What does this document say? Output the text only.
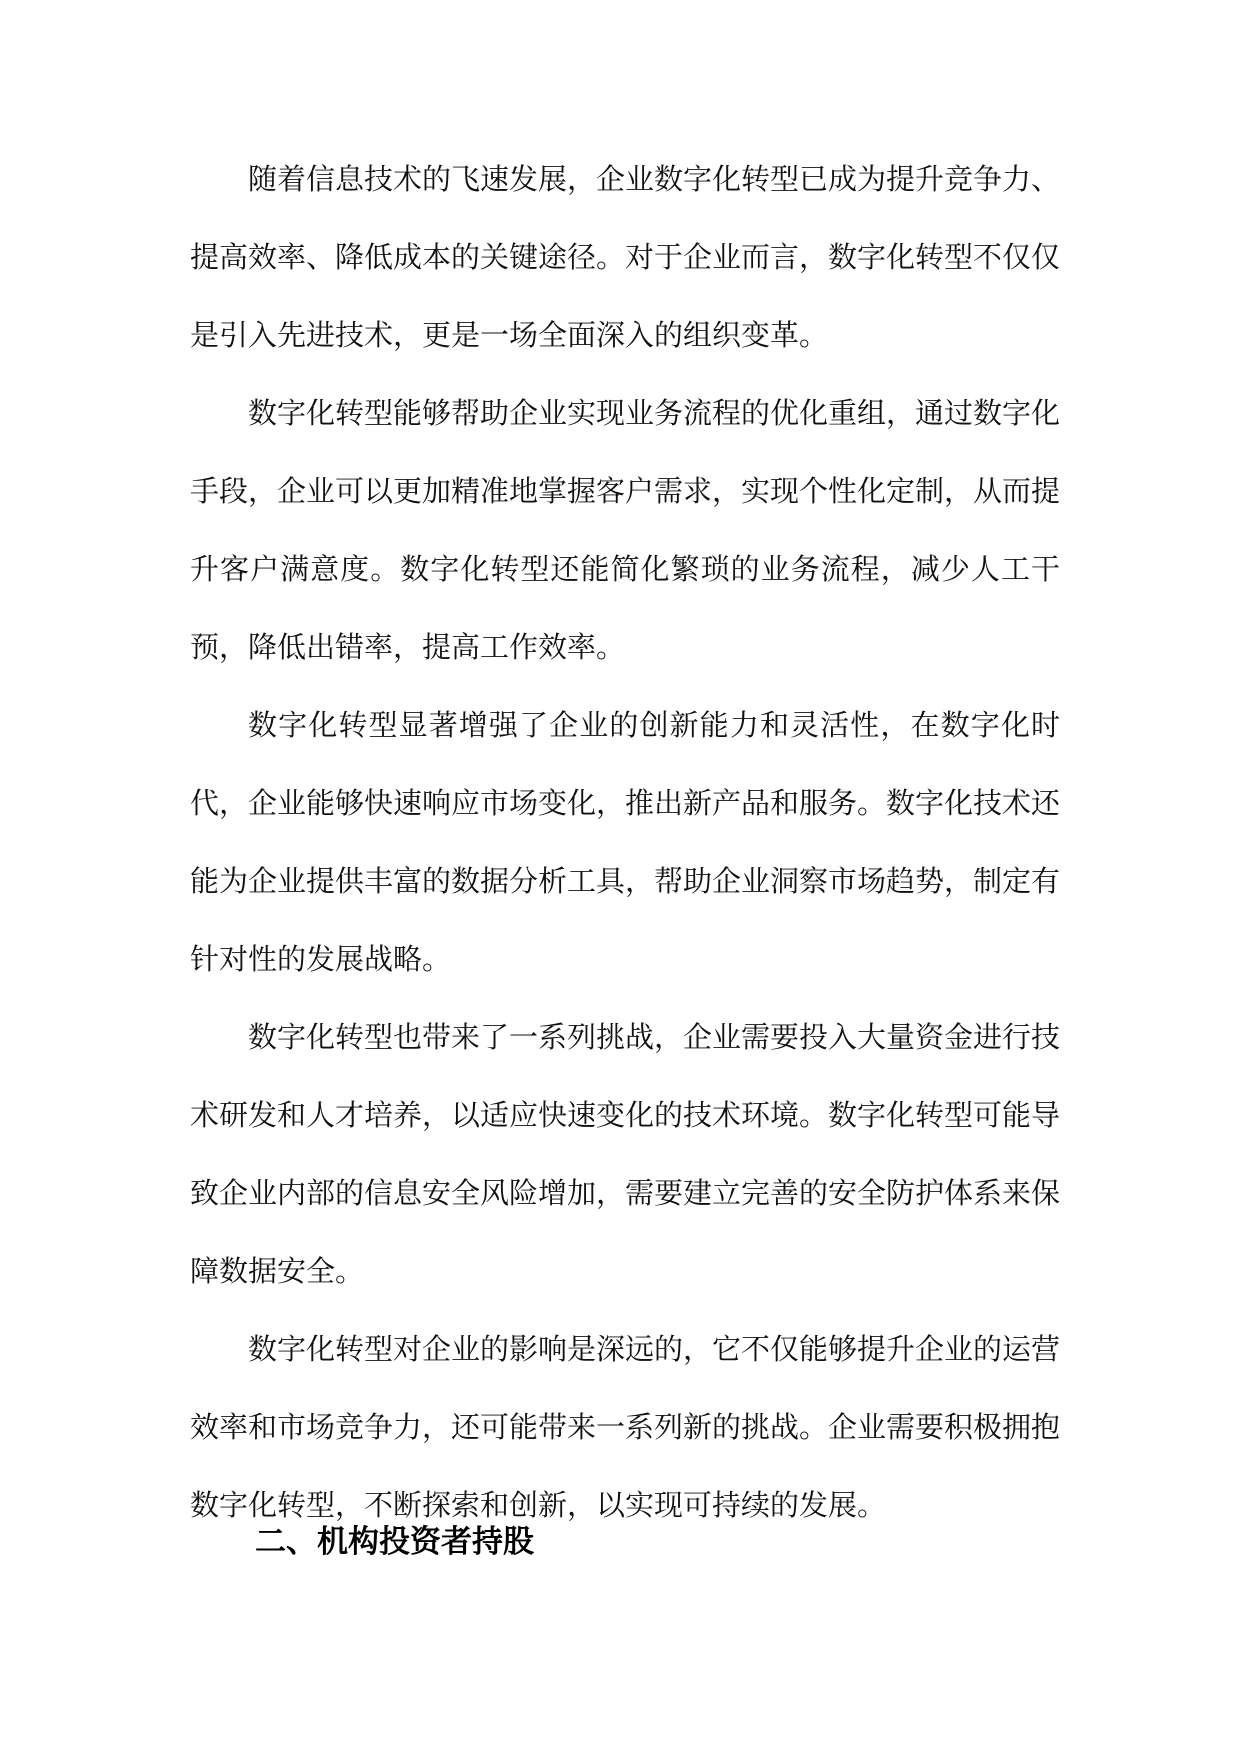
随着信息技术的飞速发展，企业数字化转型已成为提升竞争力、提高效率、降低成本的关键途径。对于企业而言，数字化转型不仅仅是引入先进技术，更是一场全面深入的组织变革。

数字化转型能够帮助企业实现业务流程的优化重组，通过数字化手段，企业可以更加精准地掌握客户需求，实现个性化定制，从而提升客户满意度。数字化转型还能简化繁琐的业务流程，减少人工干预，降低出错率，提高工作效率。

数字化转型显著增强了企业的创新能力和灵活性，在数字化时代，企业能够快速响应市场变化，推出新产品和服务。数字化技术还能为企业提供丰富的数据分析工具，帮助企业洞察市场趋势，制定有针对性的发展战略。

数字化转型也带来了一系列挑战，企业需要投入大量资金进行技术研发和人才培养，以适应快速变化的技术环境。数字化转型可能导致企业内部的信息安全风险增加，需要建立完善的安全防护体系来保障数据安全。

数字化转型对企业的影响是深远的，它不仅能够提升企业的运营效率和市场竞争力，还可能带来一系列新的挑战。企业需要积极拥抱数字化转型，不断探索和创新，以实现可持续的发展。

二、机构投资者持股
